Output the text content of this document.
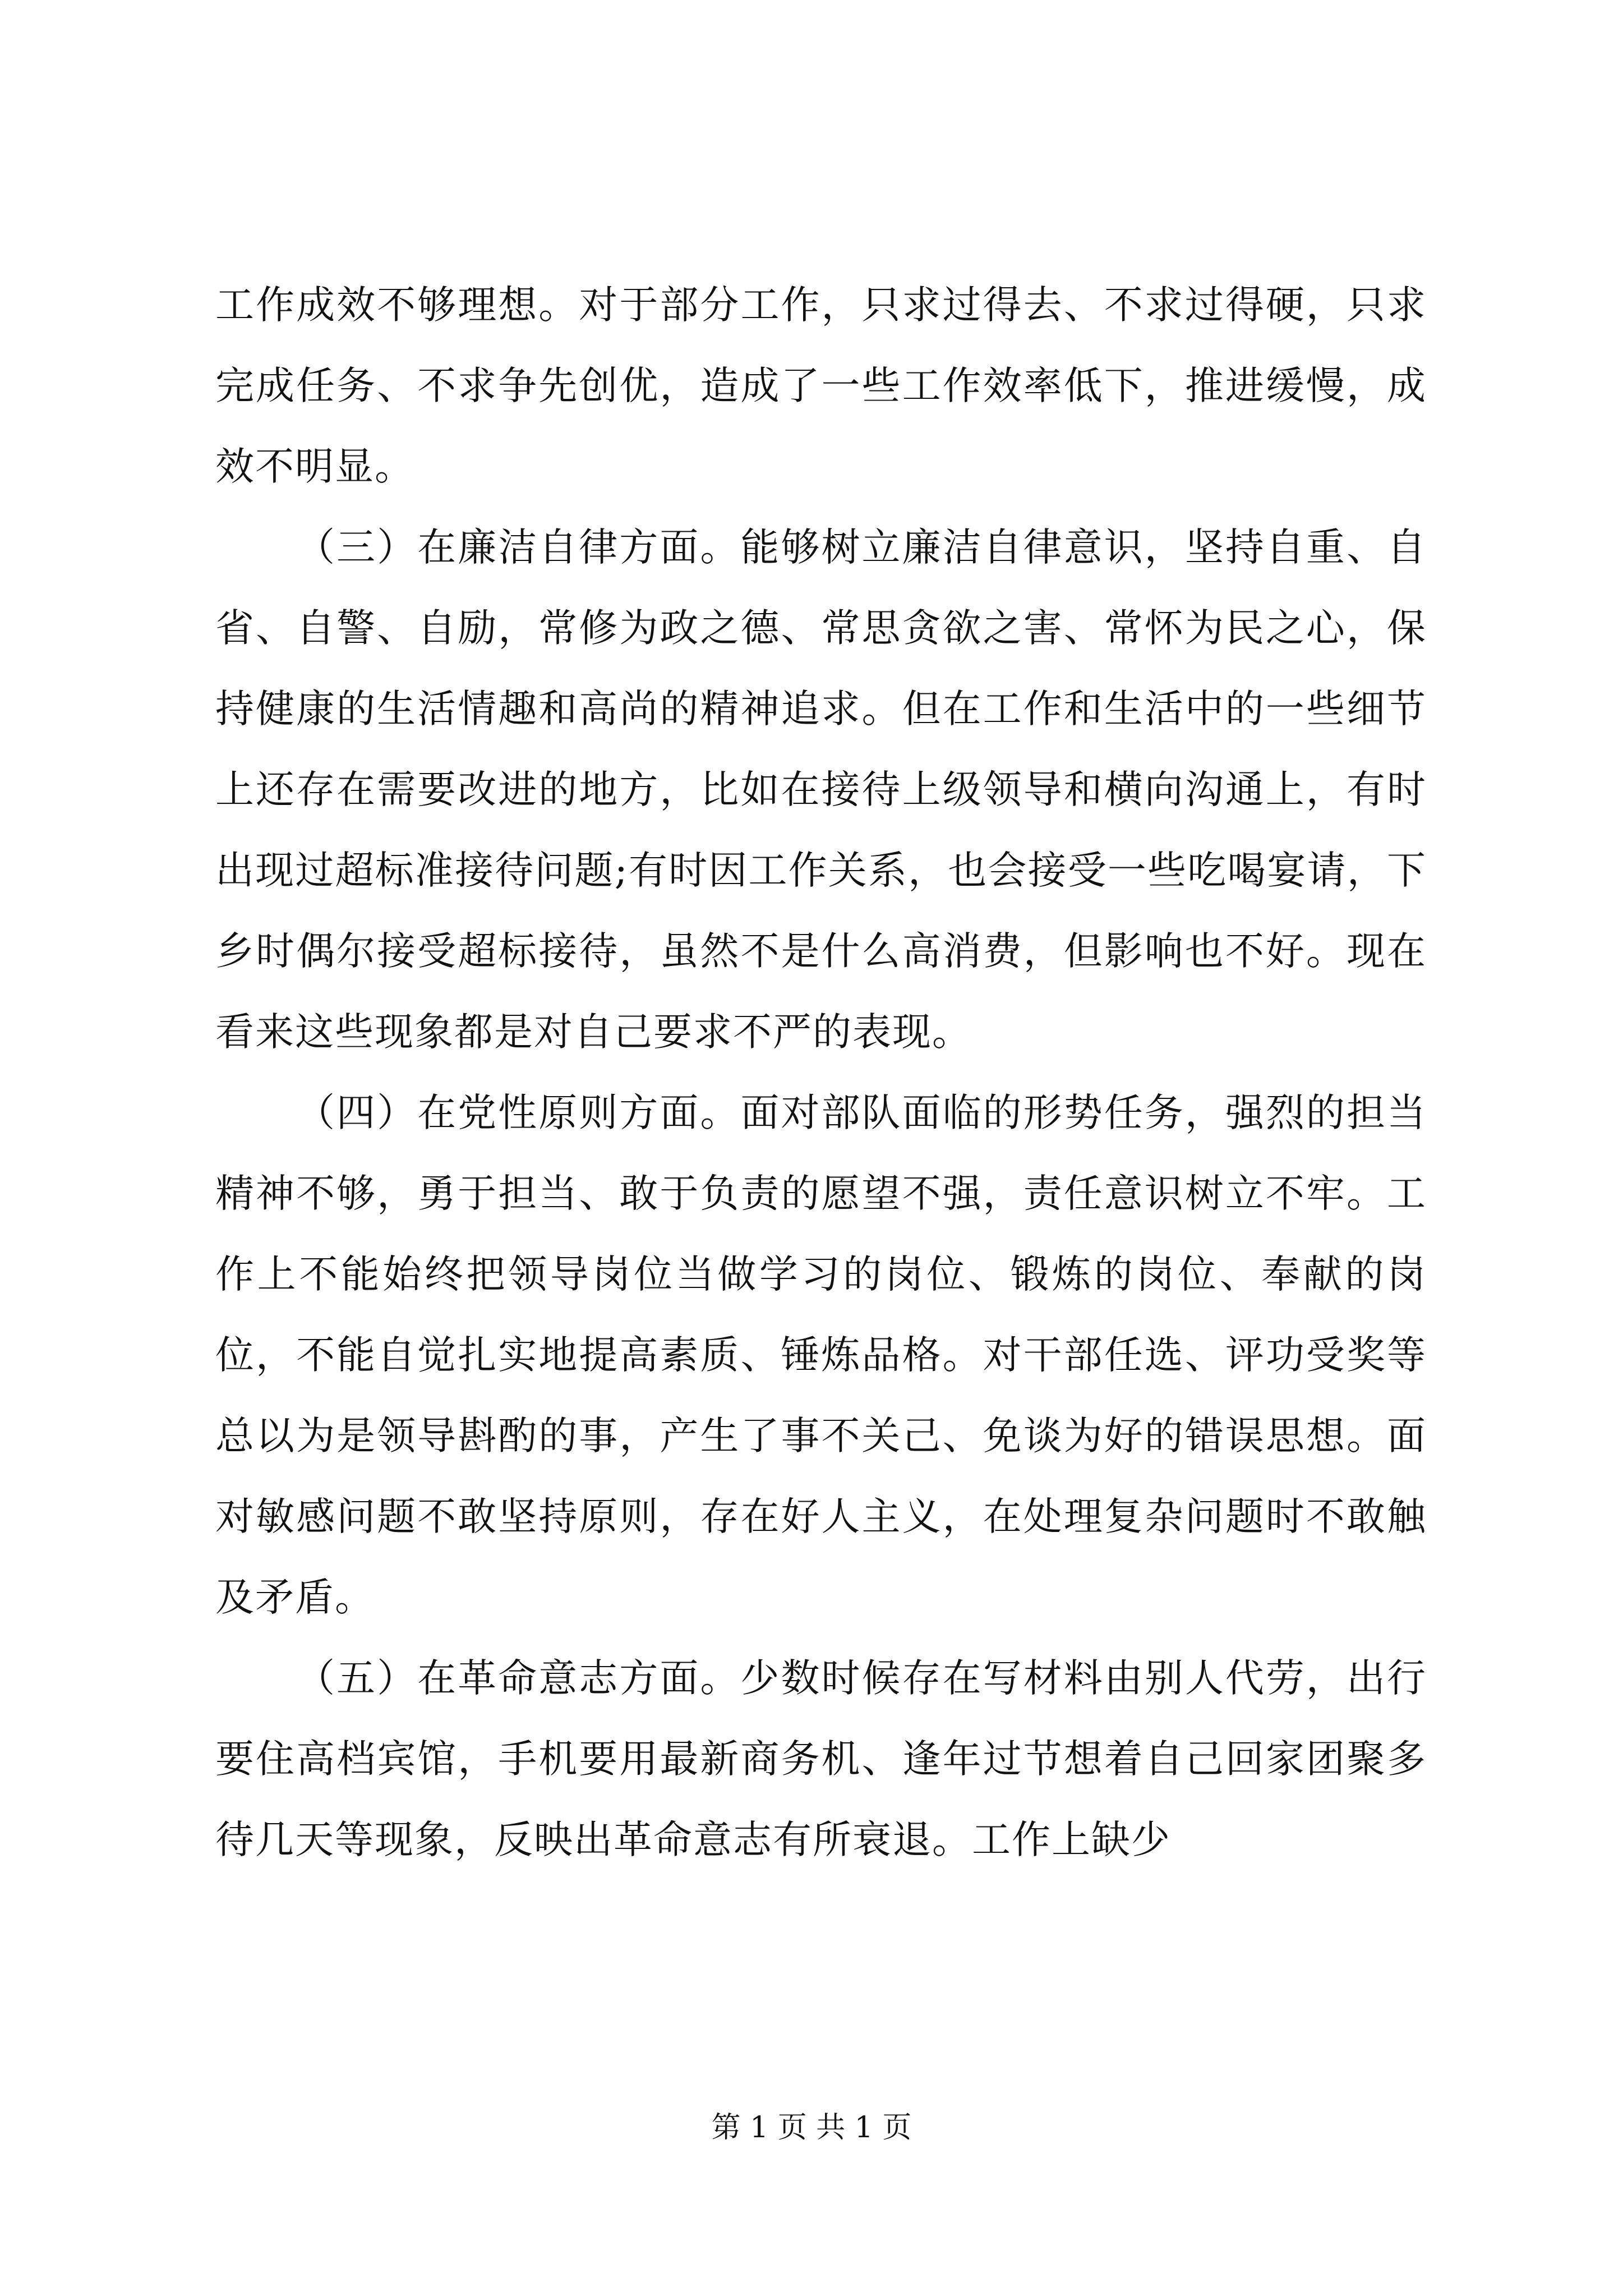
工作成效不够理想。对于部分工作，只求过得去、不求过得硬，只求完成任务、不求争先创优，造成了一些工作效率低下，推进缓慢，成效不明显。

（三）在廉洁自律方面。能够树立廉洁自律意识，坚持自重、自省、自警、自励，常修为政之德、常思贪欲之害、常怀为民之心，保持健康的生活情趣和高尚的精神追求。但在工作和生活中的一些细节上还存在需要改进的地方，比如在接待上级领导和横向沟通上，有时出现过超标准接待问题;有时因工作关系，也会接受一些吃喝宴请，下乡时偶尔接受超标接待，虽然不是什么高消费，但影响也不好。现在看来这些现象都是对自己要求不严的表现。

（四）在党性原则方面。面对部队面临的形势任务，强烈的担当精神不够，勇于担当、敢于负责的愿望不强，责任意识树立不牢。工作上不能始终把领导岗位当做学习的岗位、锻炼的岗位、奉献的岗位，不能自觉扎实地提高素质、锤炼品格。对干部任选、评功受奖等总以为是领导斟酌的事，产生了事不关己、免谈为好的错误思想。面对敏感问题不敢坚持原则，存在好人主义，在处理复杂问题时不敢触及矛盾。

（五）在革命意志方面。少数时候存在写材料由别人代劳，出行要住高档宾馆，手机要用最新商务机、逢年过节想着自己回家团聚多待几天等现象，反映出革命意志有所衰退。工作上缺少

第 1 页 共 1 页
